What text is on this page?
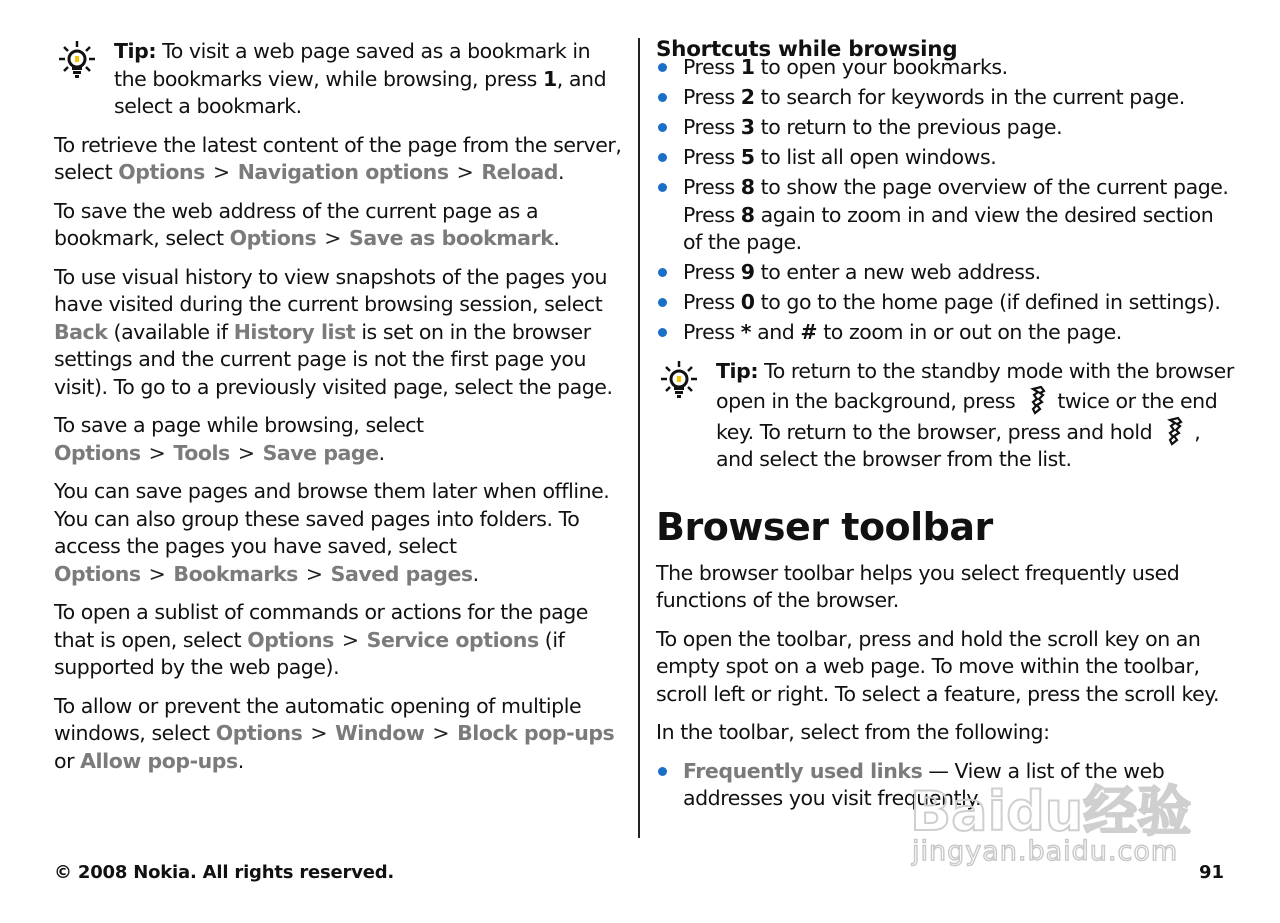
Tip: To visit a web page saved as a bookmark in the bookmarks view, while browsing, press 1, and select a bookmark.

To retrieve the latest content of the page from the server, select Options > Navigation options > Reload.

To save the web address of the current page as a bookmark, select Options > Save as bookmark.

To use visual history to view snapshots of the pages you have visited during the current browsing session, select Back (available if History list is set on in the browser settings and the current page is not the first page you visit). To go to a previously visited page, select the page.

To save a page while browsing, select Options > Tools > Save page.

You can save pages and browse them later when offline. You can also group these saved pages into folders. To access the pages you have saved, select Options > Bookmarks > Saved pages.

To open a sublist of commands or actions for the page that is open, select Options > Service options (if supported by the web page).

To allow or prevent the automatic opening of multiple windows, select Options > Window > Block pop-ups or Allow pop-ups.

Shortcuts while browsing
Press 1 to open your bookmarks.
Press 2 to search for keywords in the current page.
Press 3 to return to the previous page.
Press 5 to list all open windows.
Press 8 to show the page overview of the current page. Press 8 again to zoom in and view the desired section of the page.
Press 9 to enter a new web address.
Press 0 to go to the home page (if defined in settings).
Press * and # to zoom in or out on the page.

Tip: To return to the standby mode with the browser open in the background, press twice or the end key. To return to the browser, press and hold , and select the browser from the list.

Browser toolbar

The browser toolbar helps you select frequently used functions of the browser.

To open the toolbar, press and hold the scroll key on an empty spot on a web page. To move within the toolbar, scroll left or right. To select a feature, press the scroll key.

In the toolbar, select from the following:

Frequently used links — View a list of the web addresses you visit frequently.
Baidu经验
jingyan.baidu.com
© 2008 Nokia. All rights reserved.	91
